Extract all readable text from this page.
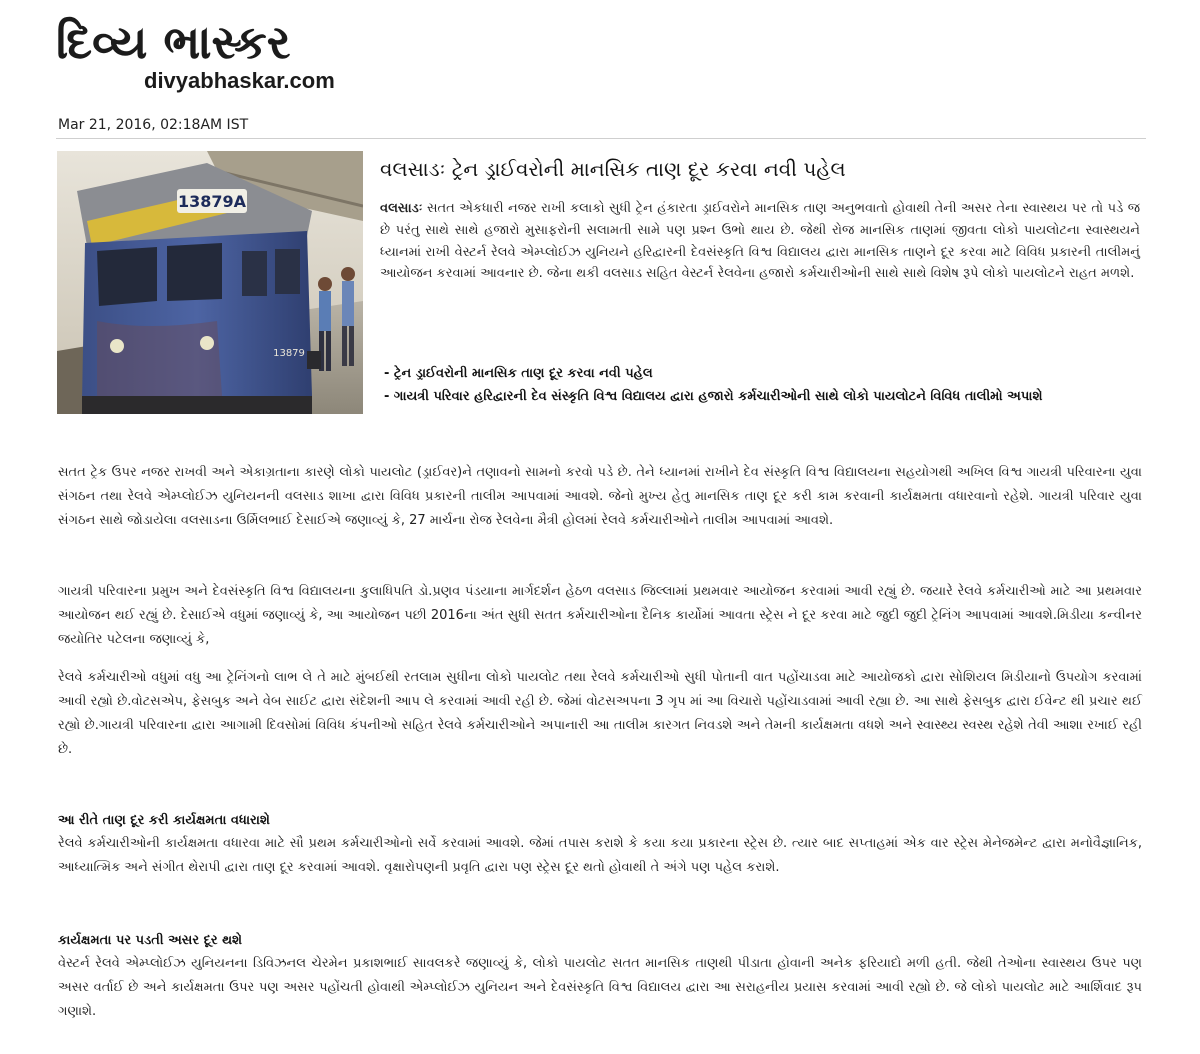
દિવ્ય ભાસ્કર
divyabhaskar.com
Mar 21, 2016, 02:18AM IST
13879A
13879
વલસાડઃ ટ્રેન ડ્રાઈવરોની માનસિક તાણ દૂર કરવા નવી પહેલ

વલસાડઃ સતત એકધારી નજર રાખી કલાકો સુધી ટ્રેન હંકારતા ડ્રાઈવરોને માનસિક તાણ અનુભવાતો હોવાથી તેની અસર તેના સ્વાસ્થય પર તો પડે જ છે પરંતુ સાથે સાથે હજારો મુસાફરોની સલામતી સામે પણ પ્રશ્ન ઉભો થાય છે. જેથી રોજ માનસિક તાણમાં જીવતા લોકો પાયલોટના સ્વાસ્થયને ધ્યાનમાં રાખી વેસ્ટર્ન રેલવે એમ્પ્લોઈઝ યુનિયને હરિદ્વારની દેવસંસ્કૃતિ વિશ્વ વિદ્યાલય દ્વારા માનસિક તાણને દૂર કરવા માટે વિવિધ પ્રકારની તાલીમનું આયોજન કરવામાં આવનાર છે. જેના થકી વલસાડ સહિત વેસ્ટર્ન રેલવેના હજારો કર્મચારીઓની સાથે સાથે વિશેષ રૂપે લોકો પાયલોટને રાહત મળશે.

- ટ્રેન ડ્રાઈવરોની માનસિક તાણ દૂર કરવા નવી પહેલ
- ગાયત્રી પરિવાર હરિદ્વારની દેવ સંસ્કૃતિ વિશ્વ વિદ્યાલય દ્વારા હજારો કર્મચારીઓની સાથે લોકો પાયલોટને વિવિધ તાલીમો અપાશે

સતત ટ્રેક ઉપર નજર રાખવી અને એકાગ્રતાના કારણે લોકો પાયલોટ (ડ્રાઈવર)ને તણાવનો સામનો કરવો પડે છે. તેને ધ્યાનમાં રાખીને દેવ સંસ્કૃતિ વિશ્વ વિદ્યાલયના સહયોગથી અખિલ વિશ્વ ગાયત્રી પરિવારના યુવા સંગઠન તથા રેલવે એમ્પ્લોઈઝ યુનિયનની વલસાડ શાખા દ્વારા વિવિધ પ્રકારની તાલીમ આપવામાં આવશે. જેનો મુખ્ય હેતુ માનસિક તાણ દૂર કરી કામ કરવાની કાર્યક્ષમતા વધારવાનો રહેશે. ગાયત્રી પરિવાર યુવા સંગઠન સાથે જોડાયેલા વલસાડના ઉર્મિલભાઈ દેસાઈએ જણાવ્યું કે, 27 માર્ચના રોજ રેલવેના મૈત્રી હોલમાં રેલવે કર્મચારીઓને તાલીમ આપવામાં આવશે.

ગાયત્રી પરિવારના પ્રમુખ અને દેવસંસ્કૃતિ વિશ્વ વિદ્યાલયના કુલાધિપતિ ડો.પ્રણવ પંડયાના માર્ગદર્શન હેઠળ વલસાડ જિલ્લામાં પ્રથમવાર આયોજન કરવામાં આવી રહ્યું છે. જયારે રેલવે કર્મચારીઓ માટે આ પ્રથમવાર આયોજન થઈ રહ્યું છે. દેસાઈએ વધુમાં જણાવ્યું કે, આ આયોજન પછી 2016ના અંત સુધી સતત કર્મચારીઓના દૈનિક કાર્યોમાં આવતા સ્ટ્રેસ ને દૂર કરવા માટે જુદી જુદી ટ્રેનિંગ આપવામાં આવશે.મિડીયા કન્વીનર જયોતિર પટેલના જણાવ્યું કે,

રેલવે કર્મચારીઓ વધુમાં વધુ આ ટ્રેનિંગનો લાભ લે તે માટે મુંબઈથી રતલામ સુધીના લોકો પાયલોટ તથા રેલવે કર્મચારીઓ સુધી પોતાની વાત પહોંચાડવા માટે આયોજકો દ્વારા સોશિયલ મિડીયાનો ઉપયોગ કરવામાં આવી રહ્યો છે.વોટસએપ, ફેસબુક અને વેબ સાઈટ દ્વારા સંદેશની આપ લે કરવામાં આવી રહી છે. જેમાં વોટસઅપના 3 ગૃપ માં આ વિચારો પહોંચાડવામાં આવી રહ્યા છે. આ સાથે ફેસબુક દ્વારા ઈવેન્ટ થી પ્રચાર થઈ રહ્યો છે.ગાયત્રી પરિવારના દ્વારા આગામી દિવસોમાં વિવિધ કંપનીઓ સહિત રેલવે કર્મચારીઓને અપાનારી આ તાલીમ કારગત નિવડશે અને તેમની કાર્યક્ષમતા વધશે અને સ્વાસ્થ્ય સ્વસ્થ રહેશે તેવી આશા રખાઈ રહી છે.

આ રીતે તાણ દૂર કરી કાર્યક્ષમતા વધારાશે

રેલવે કર્મચારીઓની કાર્યક્ષમતા વધારવા માટે સૌ પ્રથમ કર્મચારીઓનો સર્વે કરવામાં આવશે. જેમાં તપાસ કરાશે કે કયા કયા પ્રકારના સ્ટ્રેસ છે. ત્યાર બાદ સપ્તાહમાં એક વાર સ્ટ્રેસ મેનેજમેન્ટ દ્વારા મનોવૈજ્ઞાનિક, આધ્યાત્મિક અને સંગીત થેરાપી દ્વારા તાણ દૂર કરવામાં આવશે. વૃક્ષારોપણની પ્રવૃતિ દ્વારા પણ સ્ટ્રેસ દૂર થતો હોવાથી તે અંગે પણ પહેલ કરાશે.

કાર્યક્ષમતા પર પડતી અસર દૂર થશે

વેસ્ટર્ન રેલવે એમ્પ્લોઈઝ યુનિયનના ડિવિઝનલ ચેરમેન પ્રકાશભાઈ સાવલકરે જણાવ્યું કે, લોકો પાયલોટ સતત માનસિક તાણથી પીડાતા હોવાની અનેક ફરિયાદો મળી હતી. જેથી તેઓના સ્વાસ્થય ઉપર પણ અસર વર્તાઈ છે અને કાર્યક્ષમતા ઉપર પણ અસર પહોંચતી હોવાથી એમ્પ્લોઈઝ યુનિયન અને દેવસંસ્કૃતિ વિશ્વ વિદ્યાલય દ્વારા આ સરાહનીય પ્રયાસ કરવામાં આવી રહ્યો છે. જે લોકો પાયલોટ માટે આર્શિવાદ રૂપ ગણાશે.
